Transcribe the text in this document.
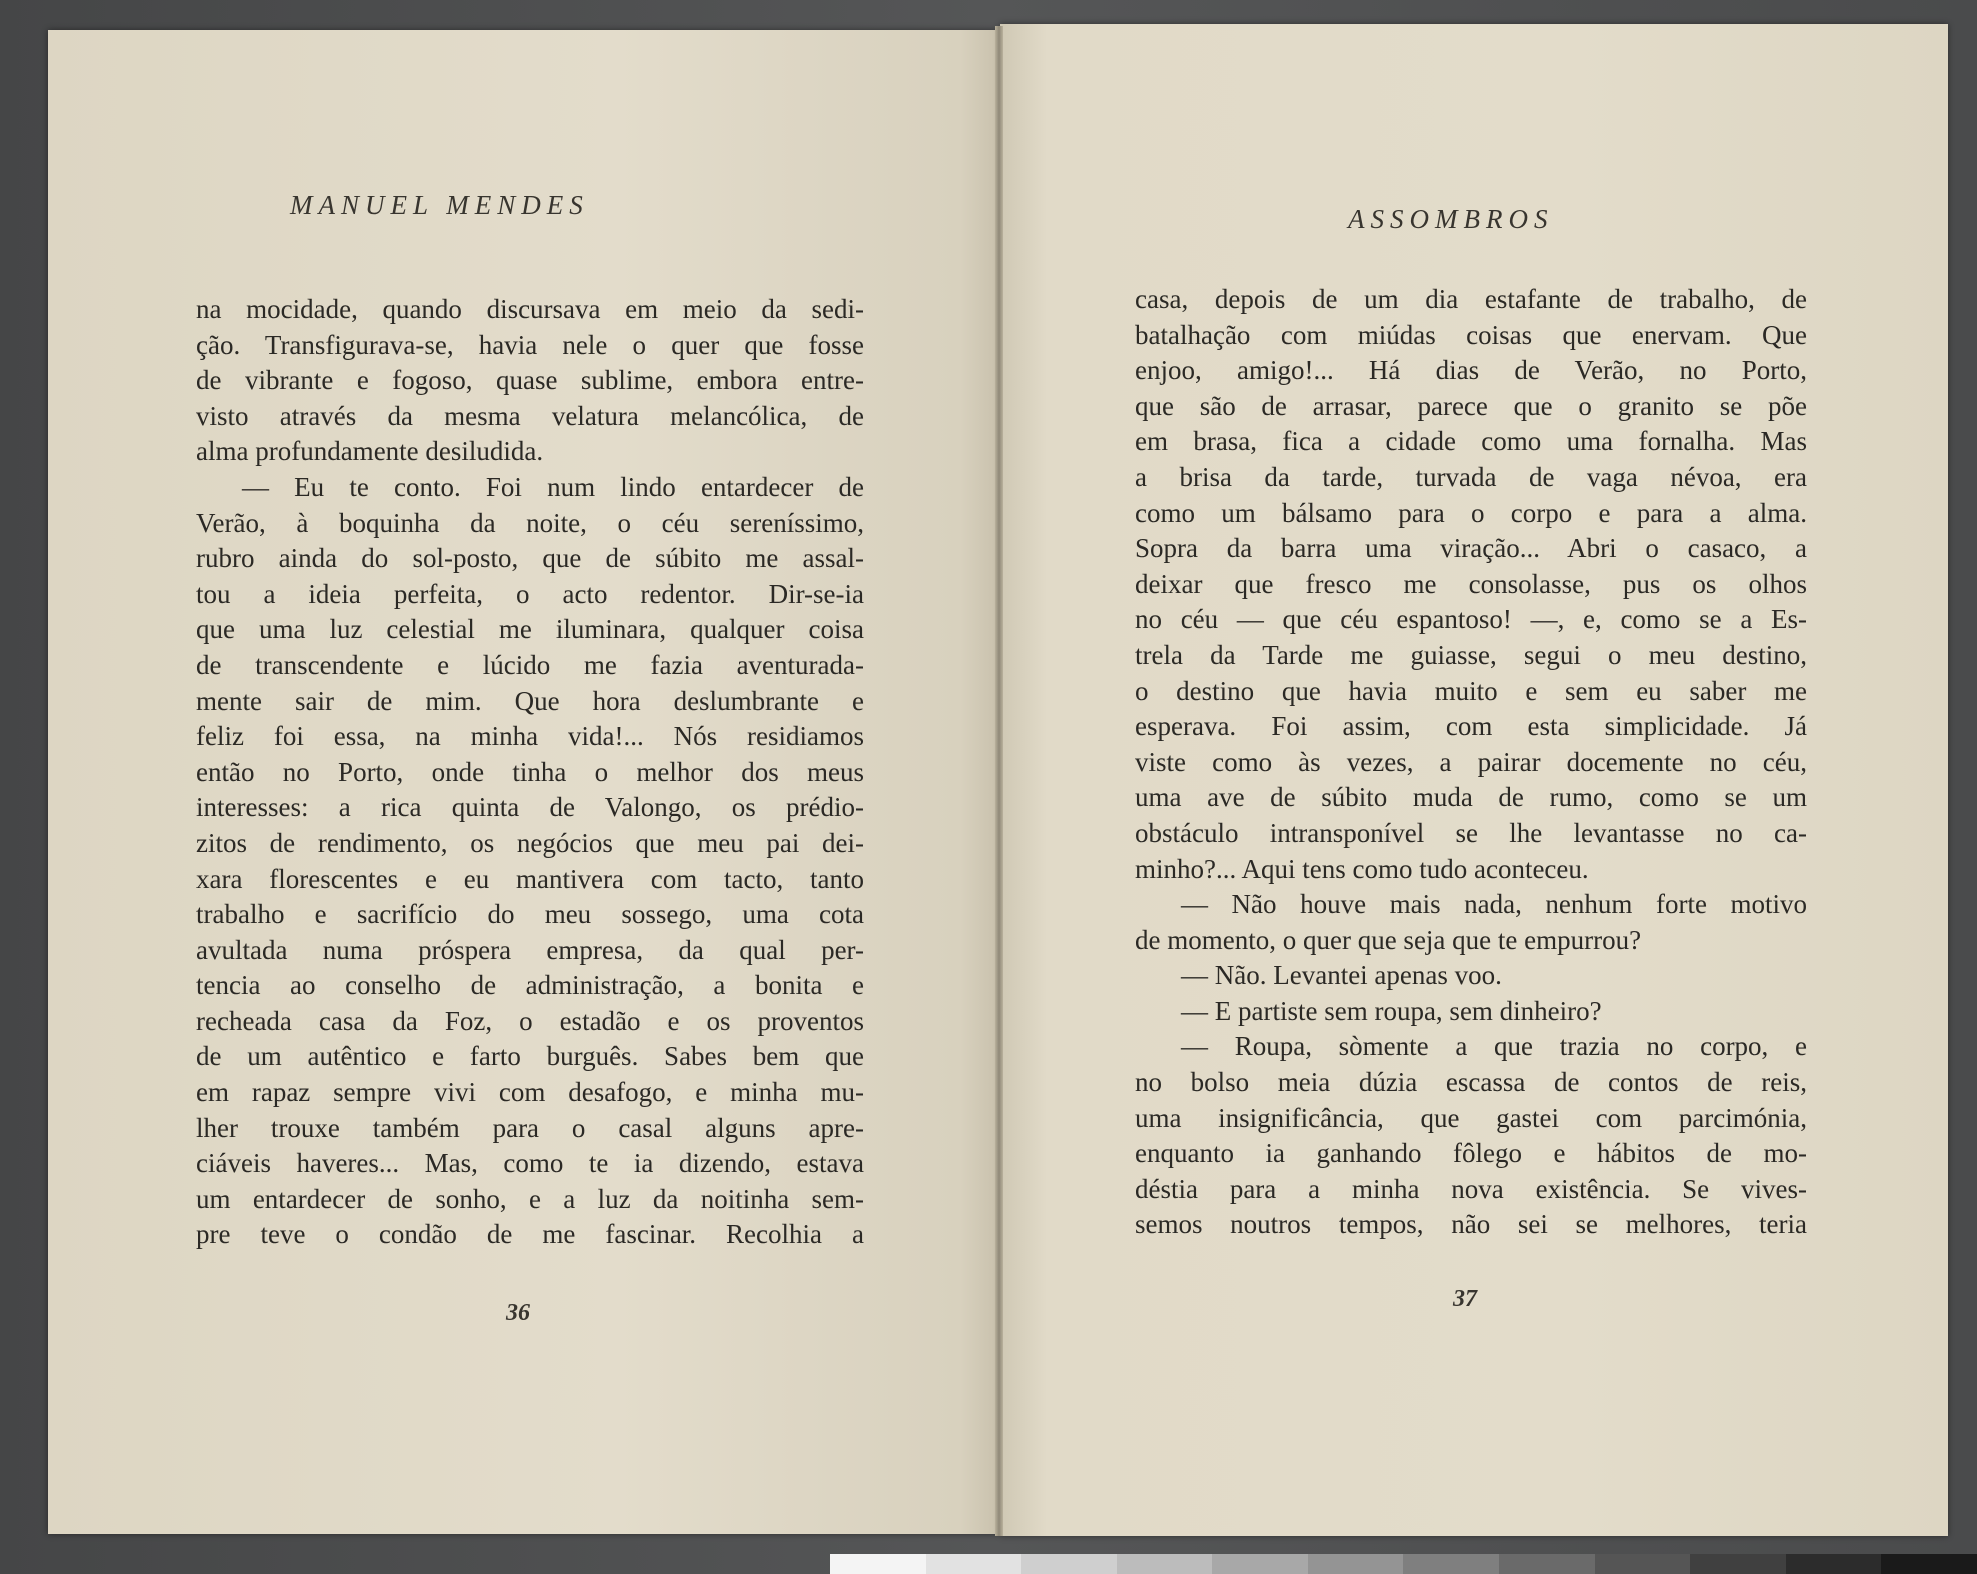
MANUEL MENDES	ASSOMBROS
na mocidade, quando discursava em meio da sedi-
ção. Transfigurava-se, havia nele o quer que fosse
de vibrante e fogoso, quase sublime, embora entre-
visto através da mesma velatura melancólica, de
alma profundamente desiludida.
— Eu te conto. Foi num lindo entardecer de
Verão, à boquinha da noite, o céu sereníssimo,
rubro ainda do sol-posto, que de súbito me assal-
tou a ideia perfeita, o acto redentor. Dir-se-ia
que uma luz celestial me iluminara, qualquer coisa
de transcendente e lúcido me fazia aventurada-
mente sair de mim. Que hora deslumbrante e
feliz foi essa, na minha vida!... Nós residiamos
então no Porto, onde tinha o melhor dos meus
interesses: a rica quinta de Valongo, os prédio-
zitos de rendimento, os negócios que meu pai dei-
xara florescentes e eu mantivera com tacto, tanto
trabalho e sacrifício do meu sossego, uma cota
avultada numa próspera empresa, da qual per-
tencia ao conselho de administração, a bonita e
recheada casa da Foz, o estadão e os proventos
de um autêntico e farto burguês. Sabes bem que
em rapaz sempre vivi com desafogo, e minha mu-
lher trouxe também para o casal alguns apre-
ciáveis haveres... Mas, como te ia dizendo, estava
um entardecer de sonho, e a luz da noitinha sem-
pre teve o condão de me fascinar. Recolhia a
casa, depois de um dia estafante de trabalho, de
batalhação com miúdas coisas que enervam. Que
enjoo, amigo!... Há dias de Verão, no Porto,
que são de arrasar, parece que o granito se põe
em brasa, fica a cidade como uma fornalha. Mas
a brisa da tarde, turvada de vaga névoa, era
como um bálsamo para o corpo e para a alma.
Sopra da barra uma viração... Abri o casaco, a
deixar que fresco me consolasse, pus os olhos
no céu — que céu espantoso! —, e, como se a Es-
trela da Tarde me guiasse, segui o meu destino,
o destino que havia muito e sem eu saber me
esperava. Foi assim, com esta simplicidade. Já
viste como às vezes, a pairar docemente no céu,
uma ave de súbito muda de rumo, como se um
obstáculo intransponível se lhe levantasse no ca-
minho?... Aqui tens como tudo aconteceu.
— Não houve mais nada, nenhum forte motivo
de momento, o quer que seja que te empurrou?
— Não. Levantei apenas voo.
— E partiste sem roupa, sem dinheiro?
— Roupa, sòmente a que trazia no corpo, e
no bolso meia dúzia escassa de contos de reis,
uma insignificância, que gastei com parcimónia,
enquanto ia ganhando fôlego e hábitos de mo-
déstia para a minha nova existência. Se vives-
semos noutros tempos, não sei se melhores, teria
36
37
